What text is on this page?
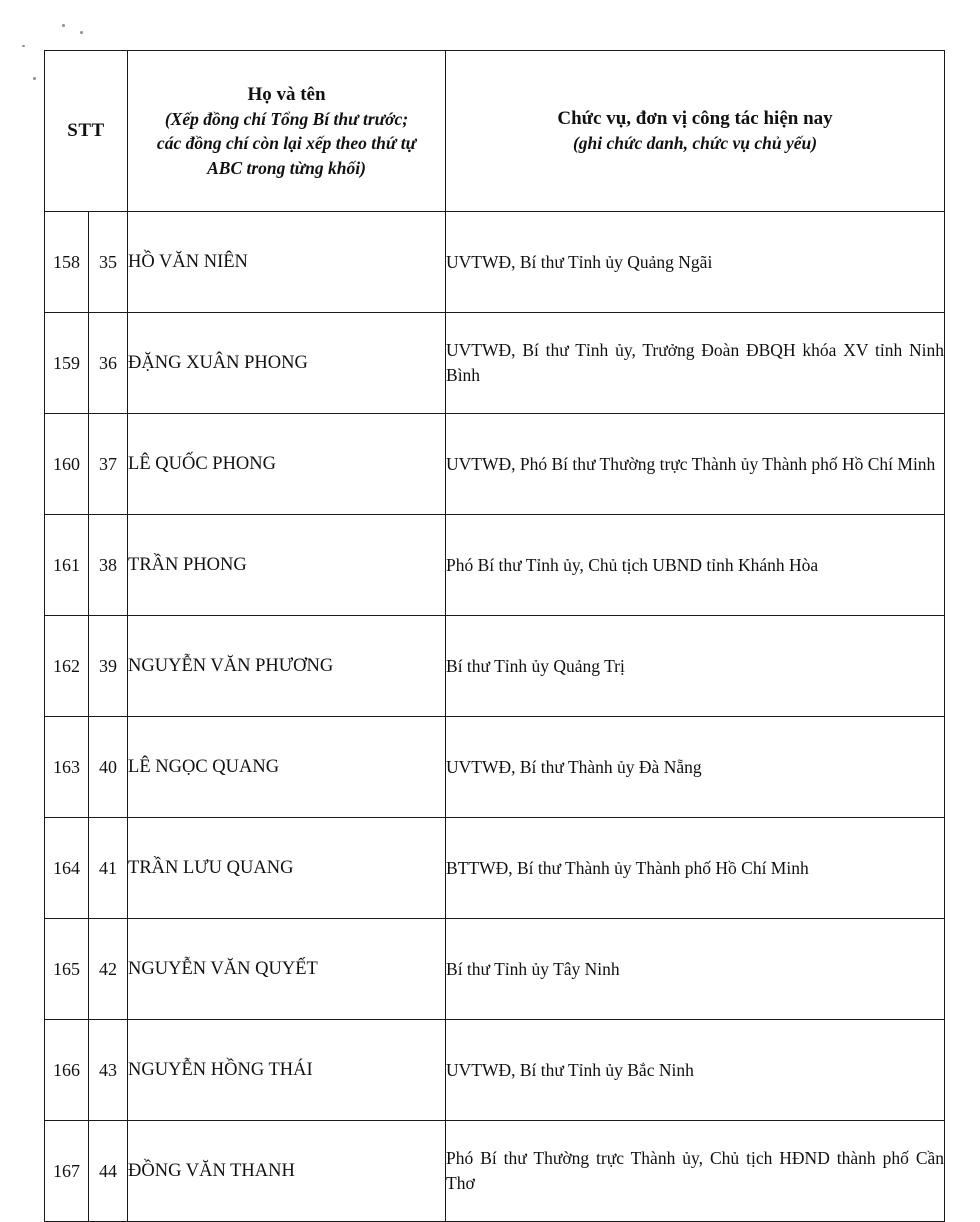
STT	
Họ và tên
(Xếp đồng chí Tổng Bí thư trước;
các đồng chí còn lại xếp theo thứ tự
ABC trong từng khối)

Chức vụ, đơn vị công tác hiện nay
(ghi chức danh, chức vụ chủ yếu)

158	35	HỒ VĂN NIÊN	UVTWĐ, Bí thư Tỉnh ủy Quảng Ngãi
159	36	ĐẶNG XUÂN PHONG	UVTWĐ, Bí thư Tỉnh ủy, Trưởng Đoàn ĐBQH khóa XV tỉnh Ninh Bình
160	37	LÊ QUỐC PHONG	UVTWĐ, Phó Bí thư Thường trực Thành ủy Thành phố Hồ Chí Minh
161	38	TRẦN PHONG	Phó Bí thư Tỉnh ủy, Chủ tịch UBND tỉnh Khánh Hòa
162	39	NGUYỄN VĂN PHƯƠNG	Bí thư Tỉnh ủy Quảng Trị
163	40	LÊ NGỌC QUANG	UVTWĐ, Bí thư Thành ủy Đà Nẵng
164	41	TRẦN LƯU QUANG	BTTWĐ, Bí thư Thành ủy Thành phố Hồ Chí Minh
165	42	NGUYỄN VĂN QUYẾT	Bí thư Tỉnh ủy Tây Ninh
166	43	NGUYỄN HỒNG THÁI	UVTWĐ, Bí thư Tỉnh ủy Bắc Ninh
167	44	ĐỒNG VĂN THANH	Phó Bí thư Thường trực Thành ủy, Chủ tịch HĐND thành phố Cần Thơ
